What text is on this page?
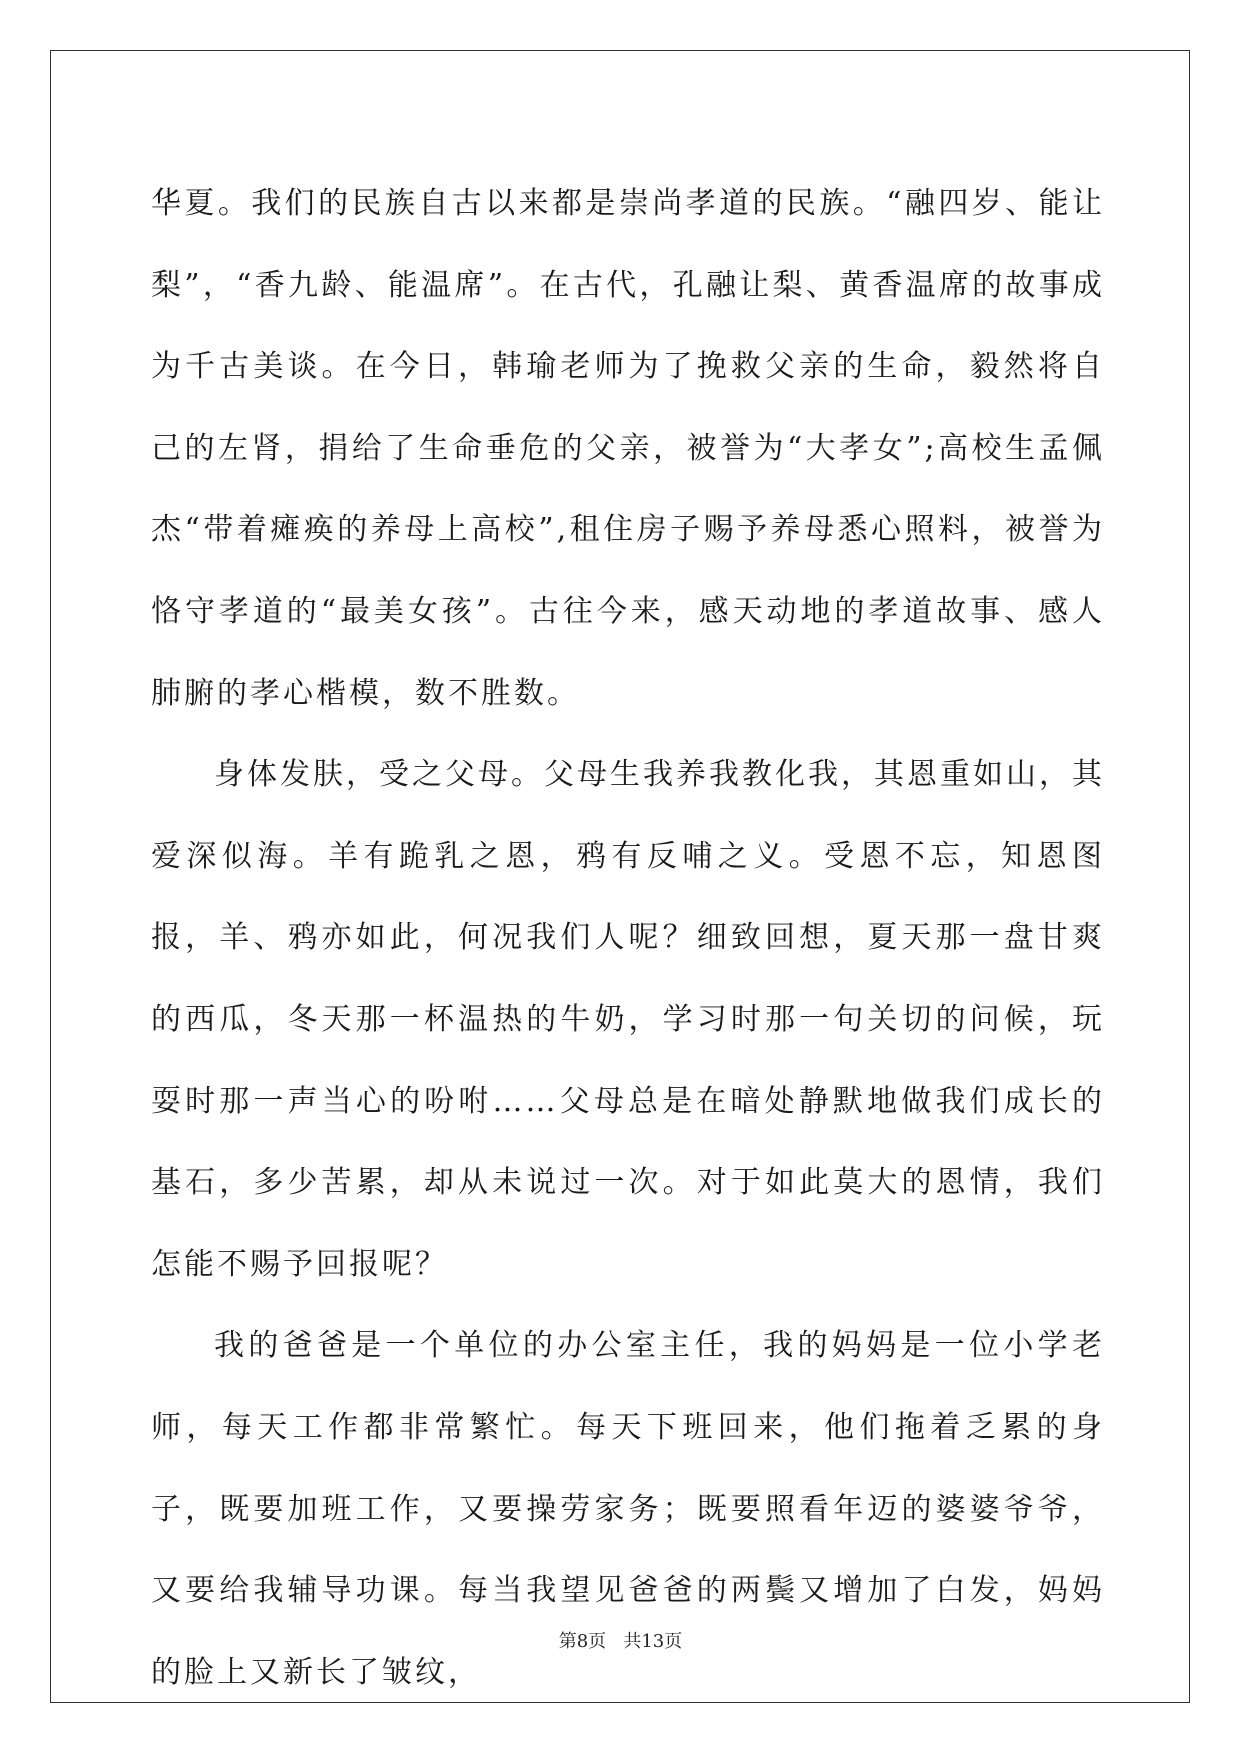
华夏。我们的民族自古以来都是崇尚孝道的民族。“融四岁、能让梨”，“香九龄、能温席”。在古代，孔融让梨、黄香温席的故事成为千古美谈。在今日，韩瑜老师为了挽救父亲的生命，毅然将自己的左肾，捐给了生命垂危的父亲，被誉为“大孝女”;高校生孟佩杰“带着瘫痪的养母上高校”,租住房子赐予养母悉心照料，被誉为恪守孝道的“最美女孩”。古往今来，感天动地的孝道故事、感人肺腑的孝心楷模，数不胜数。

身体发肤，受之父母。父母生我养我教化我，其恩重如山，其爱深似海。羊有跪乳之恩，鸦有反哺之义。受恩不忘，知恩图报，羊、鸦亦如此，何况我们人呢？细致回想，夏天那一盘甘爽的西瓜，冬天那一杯温热的牛奶，学习时那一句关切的问候，玩耍时那一声当心的吩咐……父母总是在暗处静默地做我们成长的基石，多少苦累，却从未说过一次。对于如此莫大的恩情，我们怎能不赐予回报呢？

我的爸爸是一个单位的办公室主任，我的妈妈是一位小学老师，每天工作都非常繁忙。每天下班回来，他们拖着乏累的身子，既要加班工作，又要操劳家务；既要照看年迈的婆婆爷爷，又要给我辅导功课。每当我望见爸爸的两鬓又增加了白发，妈妈的脸上又新长了皱纹，

第8页 共13页
